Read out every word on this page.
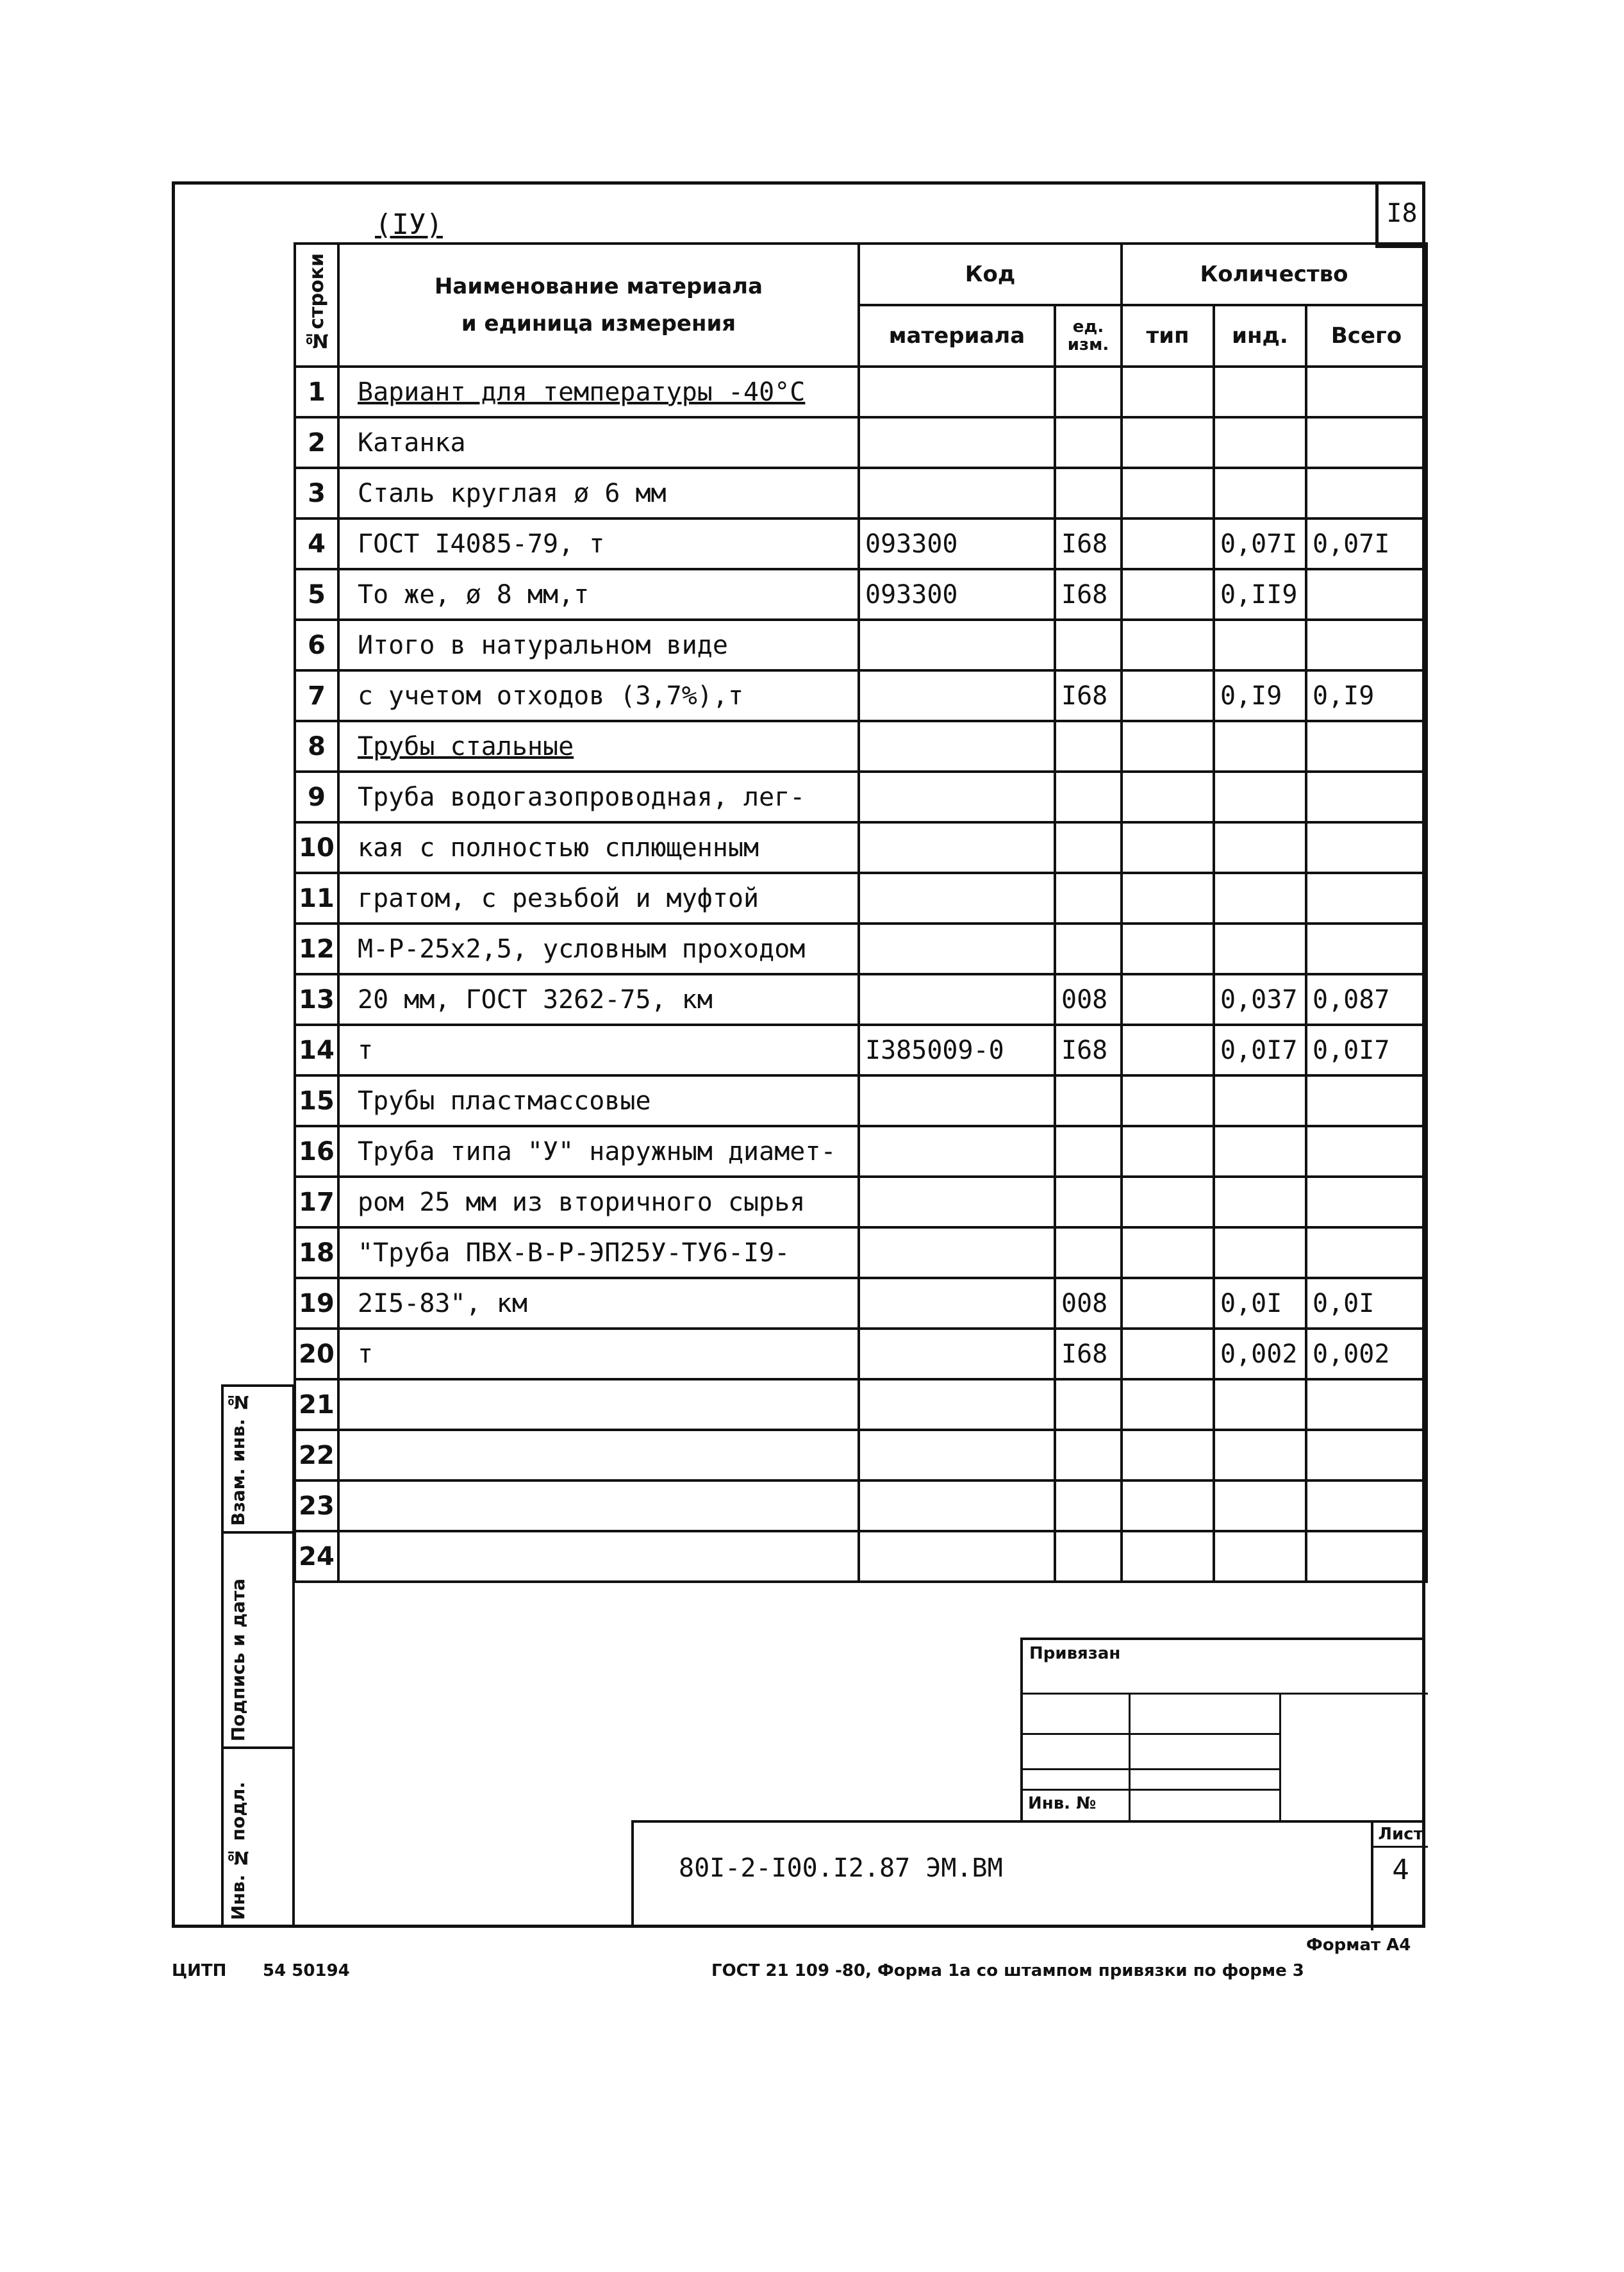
I8
(IУ)
№строки	Наименование материала
и единица измерения	Код		Количество		
		материала	ед. изм.	тип	инд.	Всего
1	Вариант для температуры -40°С					
2	Катанка					
3	Сталь круглая ø 6 мм					
4	ГОСТ I4085-79, т	093300	I68		0,07I	0,07I
5	То же, ø 8 мм,т	093300	I68		0,II9	
6	Итого в натуральном виде					
7	с учетом отходов (3,7%),т		I68		0,I9	0,I9
8	Трубы стальные					
9	Труба водогазопроводная, лег-					
10	кая с полностью сплющенным					
11	гратом, с резьбой и муфтой					
12	М-Р-25х2,5, условным проходом					
13	20 мм, ГОСТ 3262-75, км		008		0,037	0,087
14	т	I385009-0	I68		0,0I7	0,0I7
15	Трубы пластмассовые					
16	Труба типа "У" наружным диамет-					
17	ром 25 мм из вторичного сырья					
18	"Труба ПВХ-В-Р-ЭП25У-ТУ6-I9-					
19	2I5-83", км		008		0,0I	0,0I
20	т		I68		0,002	0,002
21						
22						
23						
24						
Взам. инв. №
Подпись и дата
Инв. № подл.
Привязан
Инв. №
80I-2-I00.I2.87 ЭМ.ВМ
Лист
4
Формат А4
ЦИТП 54 50194	ГОСТ 21 109 -80, Форма 1а со штампом привязки по форме 3
